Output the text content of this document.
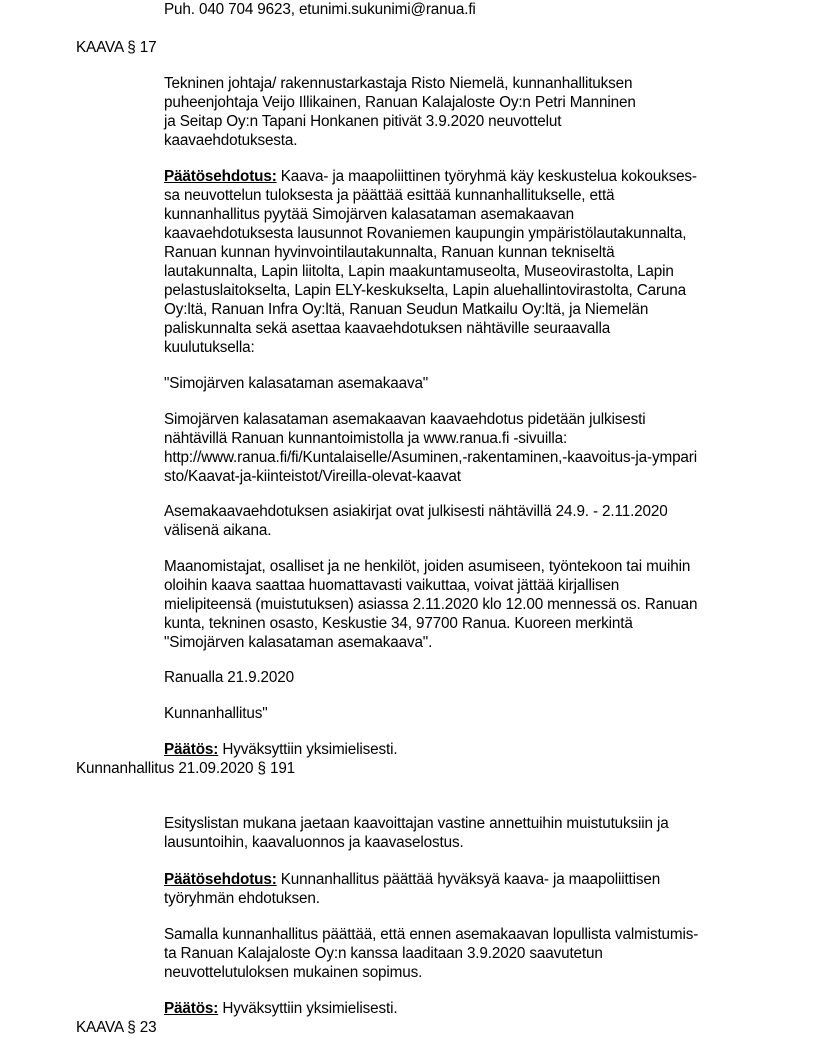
Puh. 040 704 9623, etunimi.sukunimi@ranua.fi
KAAVA § 17
Tekninen johtaja/ rakennustarkastaja Risto Niemelä, kunnanhallituksen
puheenjohtaja Veijo Illikainen, Ranuan Kalajaloste Oy:n Petri Manninen
ja Seitap Oy:n Tapani Honkanen pitivät 3.9.2020 neuvottelut
kaavaehdotuksesta.
Päätösehdotus: Kaava- ja maapoliittinen työryhmä käy keskustelua kokoukses-
sa neuvottelun tuloksesta ja päättää esittää kunnanhallitukselle, että
kunnanhallitus pyytää Simojärven kalasataman asemakaavan
kaavaehdotuksesta lausunnot Rovaniemen kaupungin ympäristölautakunnalta,
Ranuan kunnan hyvinvointilautakunnalta, Ranuan kunnan tekniseltä
lautakunnalta, Lapin liitolta, Lapin maakuntamuseolta, Museovirastolta, Lapin
pelastuslaitokselta, Lapin ELY-keskukselta, Lapin aluehallintovirastolta, Caruna
Oy:ltä, Ranuan Infra Oy:ltä, Ranuan Seudun Matkailu Oy:ltä, ja Niemelän
paliskunnalta sekä asettaa kaavaehdotuksen nähtäville seuraavalla
kuulutuksella:
"Simojärven kalasataman asemakaava"
Simojärven kalasataman asemakaavan kaavaehdotus pidetään julkisesti
nähtävillä Ranuan kunnantoimistolla ja www.ranua.fi -sivuilla:
http://www.ranua.fi/fi/Kuntalaiselle/Asuminen,-rakentaminen,-kaavoitus-ja-ympari
sto/Kaavat-ja-kiinteistot/Vireilla-olevat-kaavat
Asemakaavaehdotuksen asiakirjat ovat julkisesti nähtävillä 24.9. - 2.11.2020
välisenä aikana.
Maanomistajat, osalliset ja ne henkilöt, joiden asumiseen, työntekoon tai muihin
oloihin kaava saattaa huomattavasti vaikuttaa, voivat jättää kirjallisen
mielipiteensä (muistutuksen) asiassa 2.11.2020 klo 12.00 mennessä os. Ranuan
kunta, tekninen osasto, Keskustie 34, 97700 Ranua. Kuoreen merkintä
"Simojärven kalasataman asemakaava".
Ranualla 21.9.2020
Kunnanhallitus"
Päätös: Hyväksyttiin yksimielisesti.
Kunnanhallitus 21.09.2020 § 191
Esityslistan mukana jaetaan kaavoittajan vastine annettuihin muistutuksiin ja
lausuntoihin, kaavaluonnos ja kaavaselostus.
Päätösehdotus: Kunnanhallitus päättää hyväksyä kaava- ja maapoliittisen
työryhmän ehdotuksen.
Samalla kunnanhallitus päättää, että ennen asemakaavan lopullista valmistumis-
ta Ranuan Kalajaloste Oy:n kanssa laaditaan 3.9.2020 saavutetun
neuvottelutuloksen mukainen sopimus.
Päätös: Hyväksyttiin yksimielisesti.
KAAVA § 23
